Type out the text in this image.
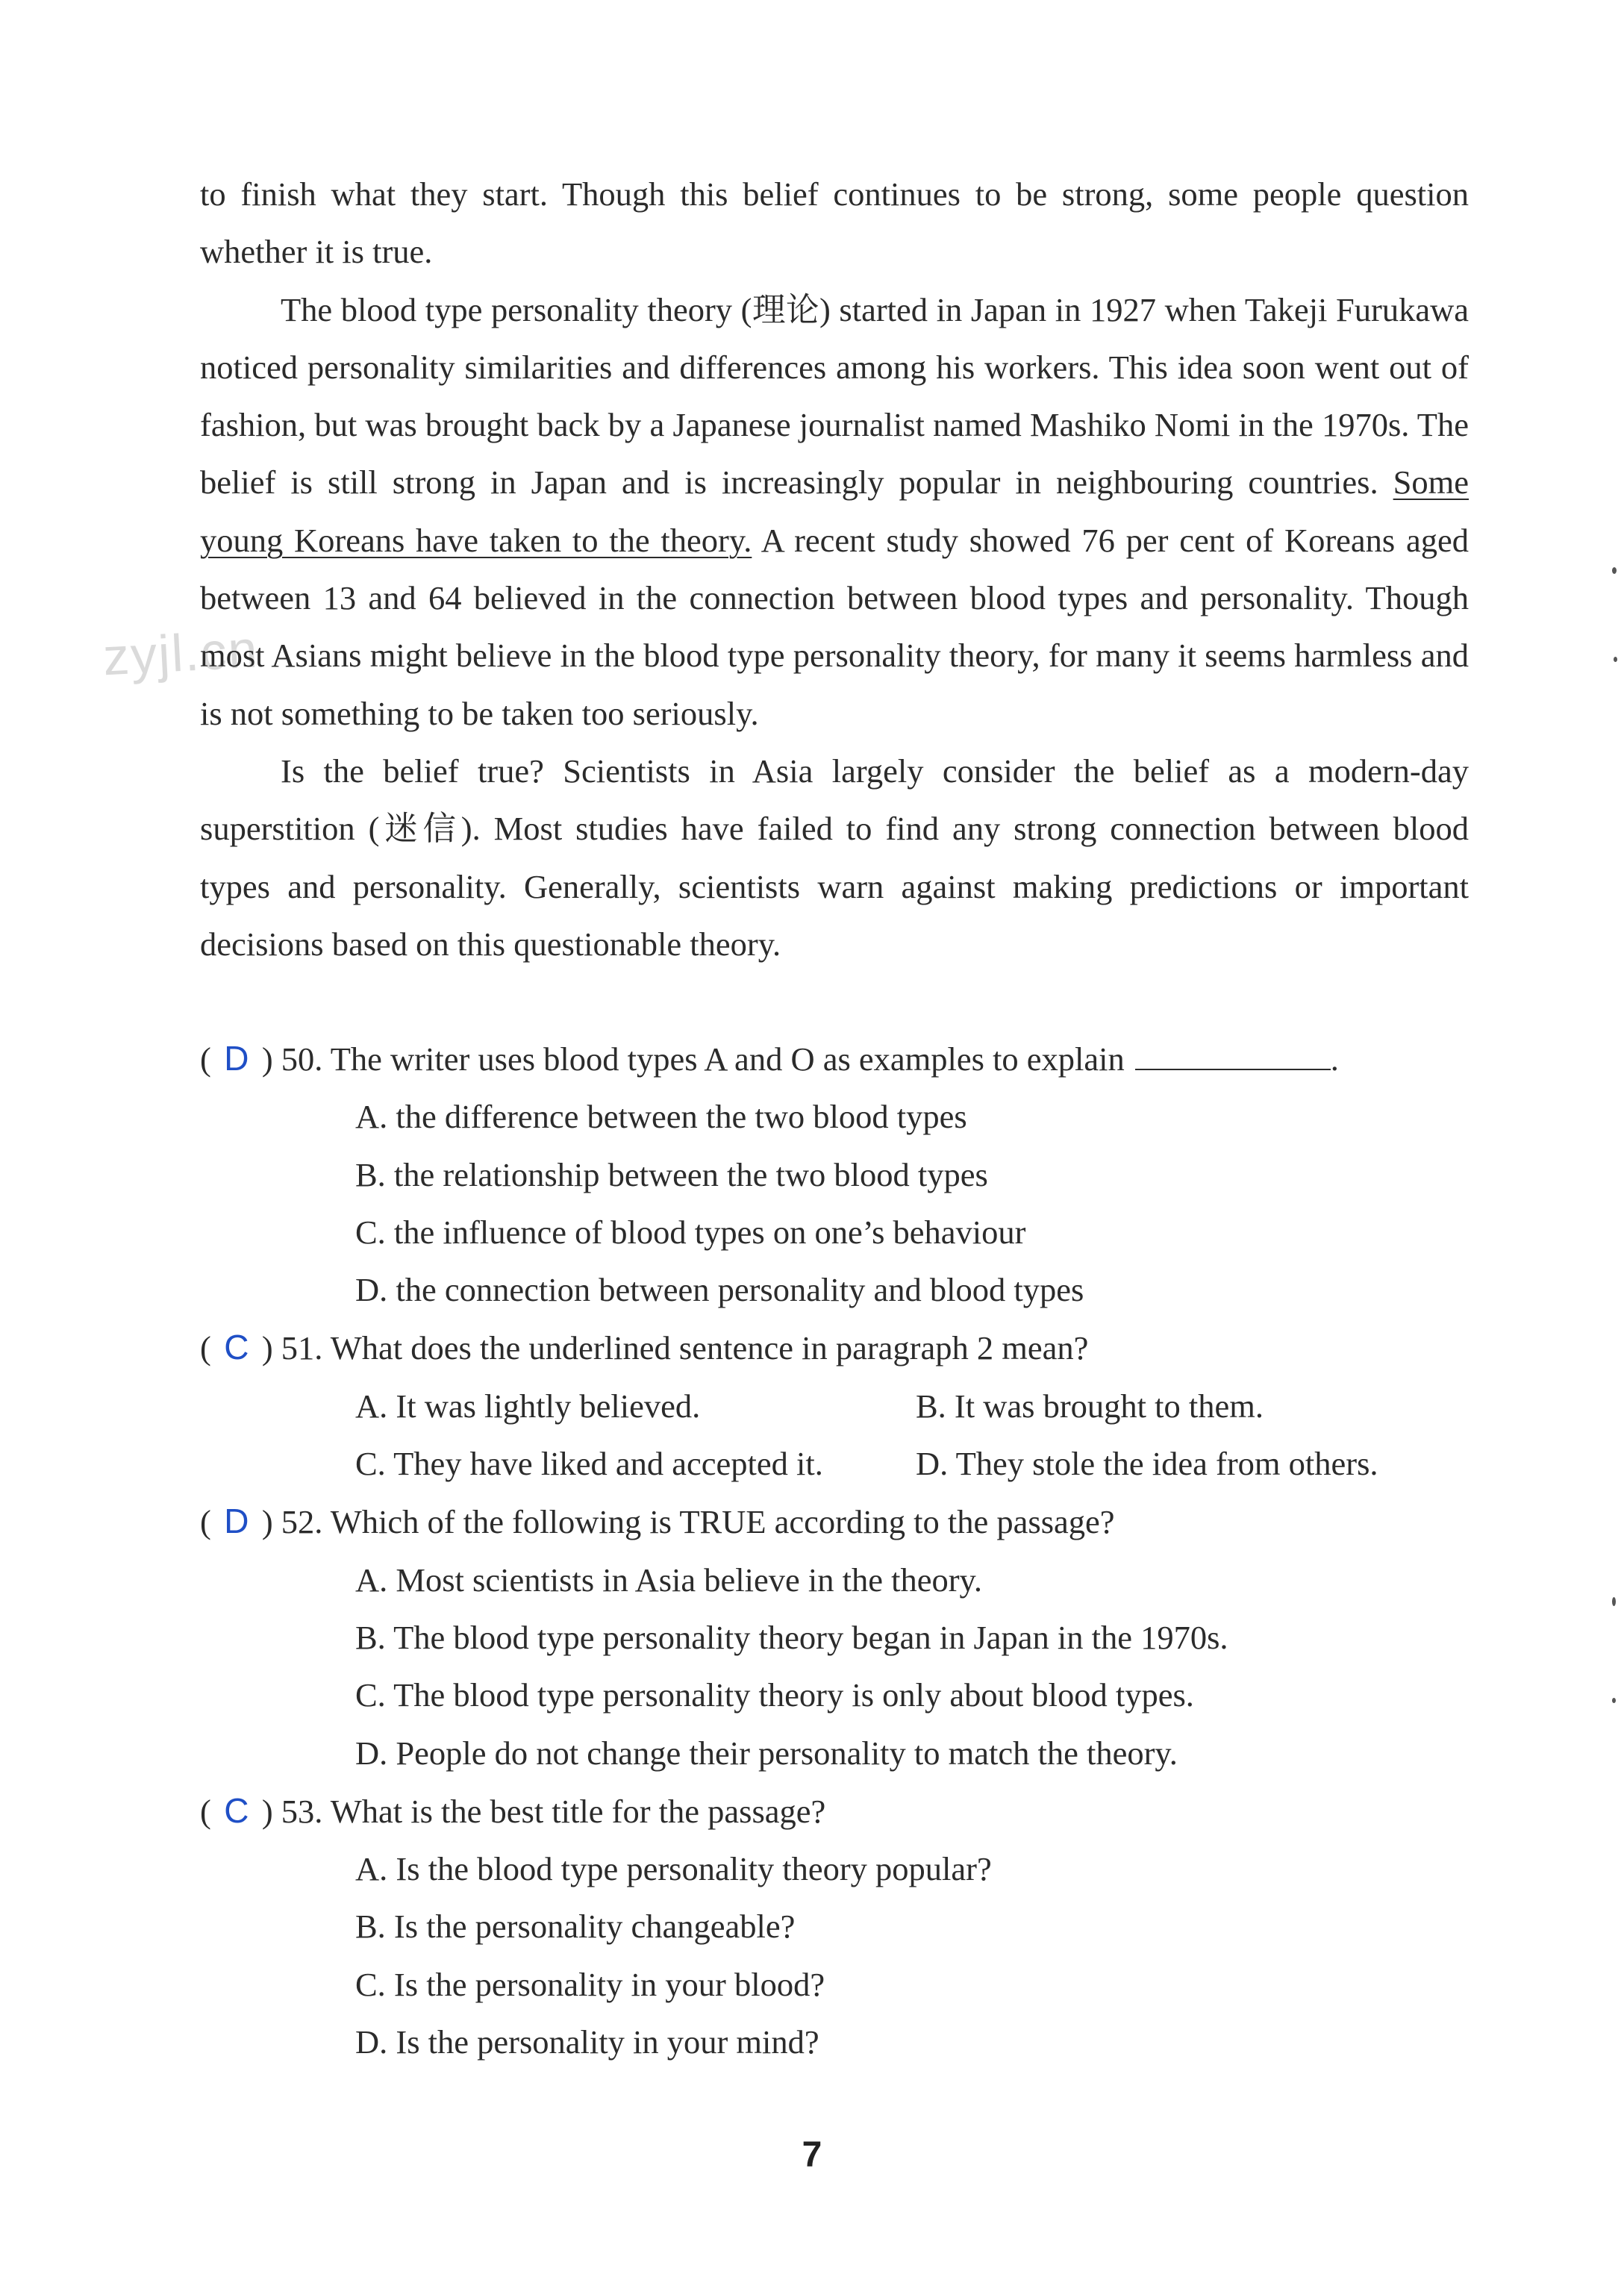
zyjl.cn

to finish what they start. Though this belief continues to be strong, some people question whether it is true.

The blood type personality theory (理论) started in Japan in 1927 when Takeji Furukawa noticed personality similarities and differences among his workers. This idea soon went out of fashion, but was brought back by a Japanese journalist named Mashiko Nomi in the 1970s. The belief is still strong in Japan and is increasingly popular in neighbouring countries. Some young Koreans have taken to the theory. A recent study showed 76 per cent of Koreans aged between 13 and 64 believed in the connection between blood types and personality. Though most Asians might believe in the blood type personality theory, for many it seems harmless and is not something to be taken too seriously.

Is the belief true? Scientists in Asia largely consider the belief as a modern-day superstition (迷信). Most studies have failed to find any strong connection between blood types and personality. Generally, scientists warn against making predictions or important decisions based on this questionable theory.

( D ) 50. The writer uses blood types A and O as examples to explain	.
A. the difference between the two blood types
B. the relationship between the two blood types
C. the influence of blood types on one’s behaviour
D. the connection between personality and blood types
( C ) 51. What does the underlined sentence in paragraph 2 mean?
A. It was lightly believed.	B. It was brought to them.
C. They have liked and accepted it.	D. They stole the idea from others.
( D ) 52. Which of the following is TRUE according to the passage?
A. Most scientists in Asia believe in the theory.
B. The blood type personality theory began in Japan in the 1970s.
C. The blood type personality theory is only about blood types.
D. People do not change their personality to match the theory.
( C ) 53. What is the best title for the passage?
A. Is the blood type personality theory popular?
B. Is the personality changeable?
C. Is the personality in your blood?
D. Is the personality in your mind?
7
